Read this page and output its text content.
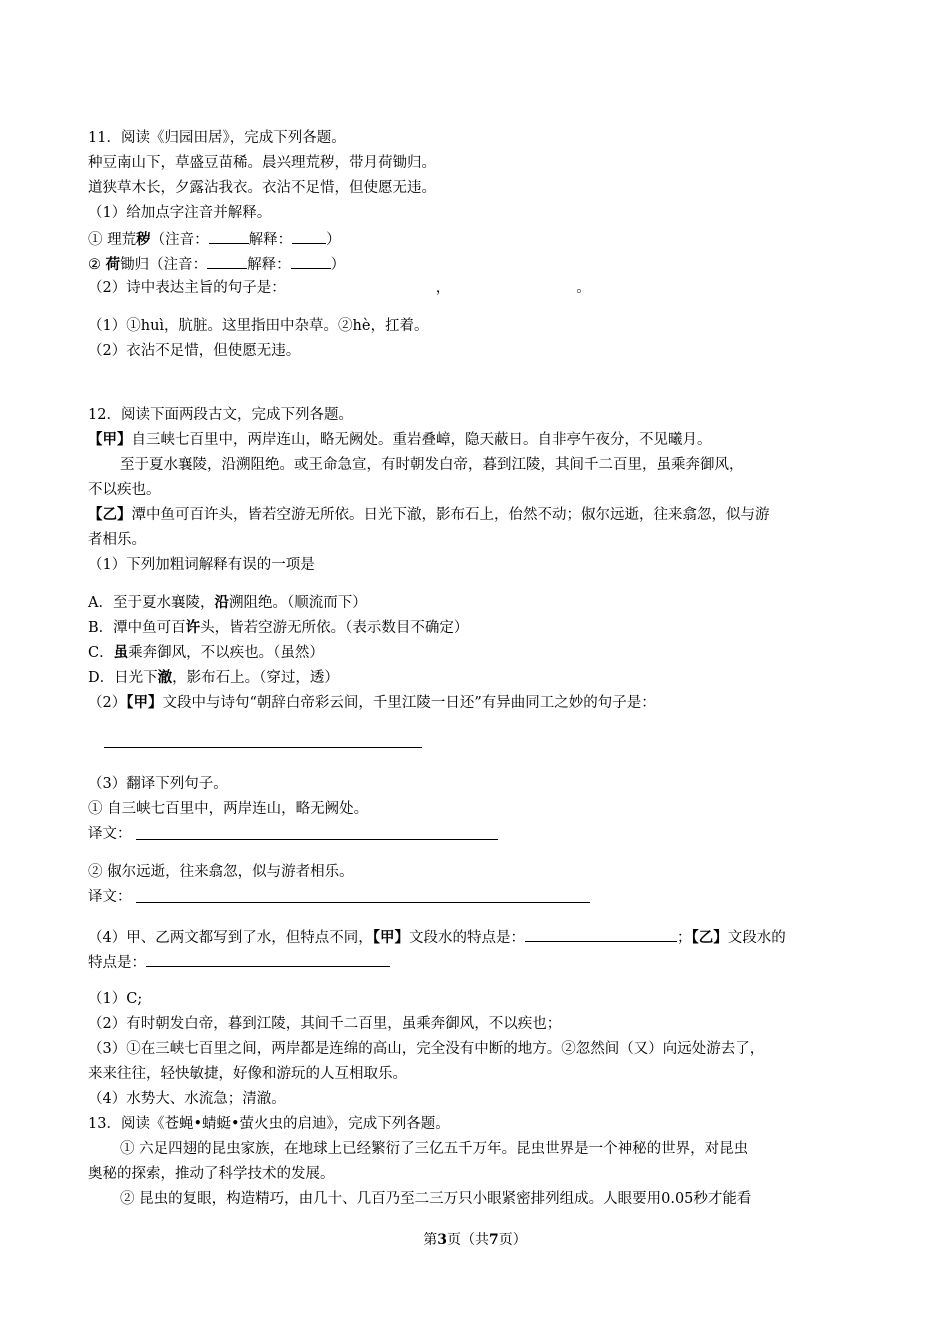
11．阅读《归园田居》，完成下列各题。
种豆南山下，草盛豆苗稀。晨兴理荒秽，带月荷锄归。
道狭草木长，夕露沾我衣。衣沾不足惜，但使愿无违。
（1）给加点字注音并解释。
① 理荒秽（注音：	解释： ）
② 荷锄归（注音：	解释：	）
（2）诗中表达主旨的句子是：	，	。
（1）①huì，肮脏。这里指田中杂草。②hè，扛着。
（2）衣沾不足惜，但使愿无违。
12．阅读下面两段古文，完成下列各题。
【甲】自三峡七百里中，两岸连山，略无阙处。重岩叠嶂，隐天蔽日。自非亭午夜分，不见曦月。
至于夏水襄陵，沿溯阻绝。或王命急宣，有时朝发白帝，暮到江陵，其间千二百里，虽乘奔御风，
不以疾也。
【乙】潭中鱼可百许头，皆若空游无所依。日光下澈，影布石上，佁然不动；俶尔远逝，往来翕忽，似与游
者相乐。
（1）下列加粗词解释有误的一项是
A．至于夏水襄陵，沿溯阻绝。（顺流而下）
B．潭中鱼可百许头，皆若空游无所依。（表示数目不确定）
C．虽乘奔御风，不以疾也。（虽然）
D．日光下澈，影布石上。（穿过，透）
（2）【甲】文段中与诗句“朝辞白帝彩云间，千里江陵一日还”有异曲同工之妙的句子是：
（3）翻译下列句子。
① 自三峡七百里中，两岸连山，略无阙处。
译文：
② 俶尔远逝，往来翕忽，似与游者相乐。
译文：
（4）甲、乙两文都写到了水，但特点不同，【甲】文段水的特点是：	；【乙】文段水的
特点是：
（1）C;
（2）有时朝发白帝，暮到江陵，其间千二百里，虽乘奔御风，不以疾也；
（3）①在三峡七百里之间，两岸都是连绵的高山，完全没有中断的地方。②忽然间（又）向远处游去了，
来来往往，轻快敏捷，好像和游玩的人互相取乐。
（4）水势大、水流急；清澈。
13．阅读《苍蝇•蜻蜓•萤火虫的启迪》，完成下列各题。
① 六足四翅的昆虫家族，在地球上已经繁衍了三亿五千万年。昆虫世界是一个神秘的世界，对昆虫
奥秘的探索，推动了科学技术的发展。
② 昆虫的复眼，构造精巧，由几十、几百乃至二三万只小眼紧密排列组成。人眼要用0.05秒才能看
第3页（共7页）
